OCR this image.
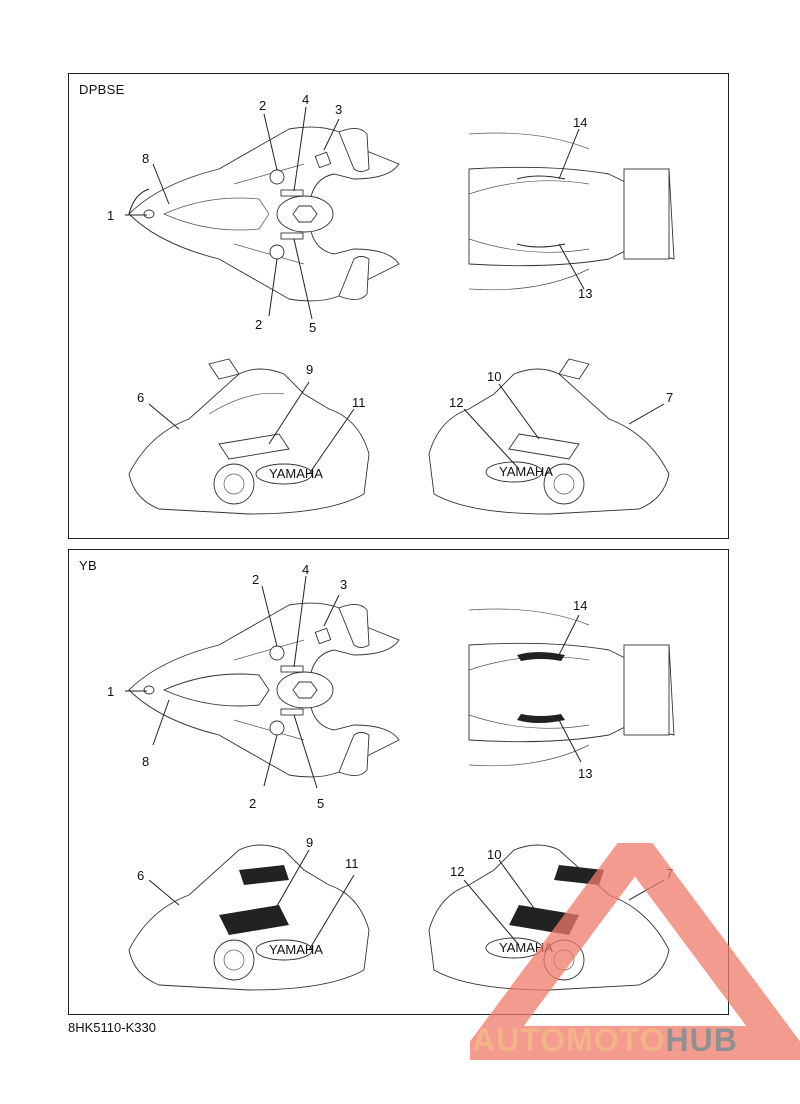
DPBSE
YAMAHA	YAMAHA
1
2
2
3
4
5
6	7
8
9	10
11	12
13
14
YB
YAMAHA	YAMAHA
1
2
2
3
4
5
6	7
8
9
10
11
12
13
14
8HK5110-K330	AUTOMOTOHUB
